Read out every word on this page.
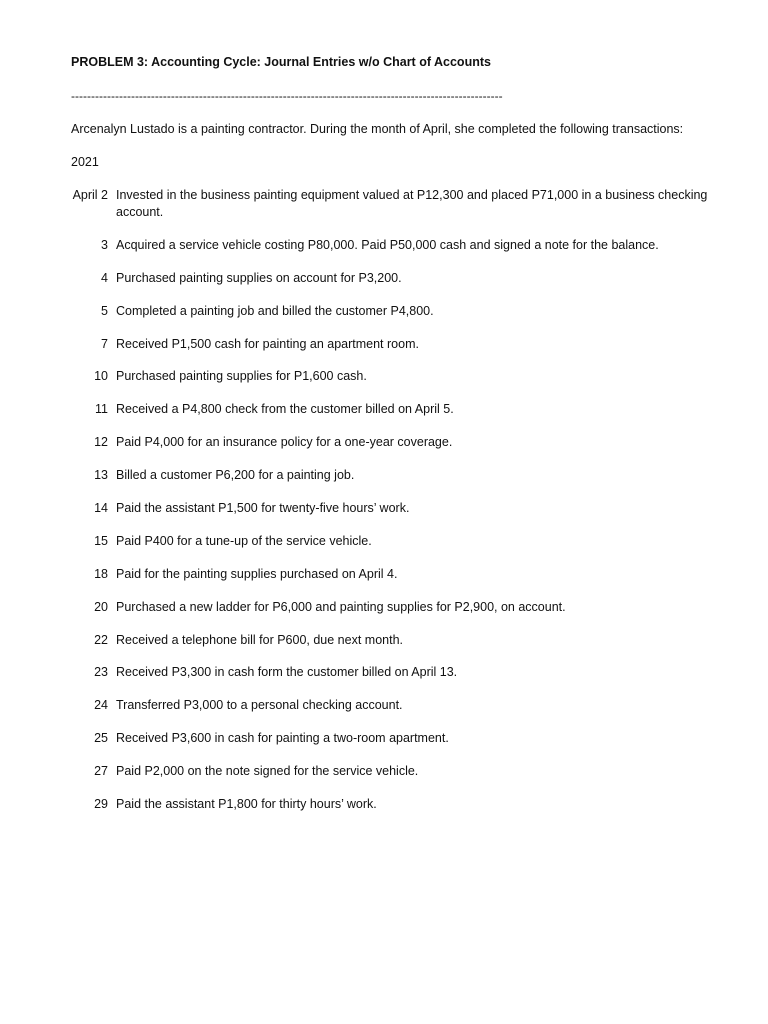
PROBLEM 3: Accounting Cycle: Journal Entries w/o Chart of Accounts
------------------------------------------------------------------------------------------------------------
Arcenalyn Lustado is a painting contractor. During the month of April, she completed the following transactions:
2021
April 2 Invested in the business painting equipment valued at P12,300 and placed P71,000 in a business checking account.
3 Acquired a service vehicle costing P80,000. Paid P50,000 cash and signed a note for the balance.
4 Purchased painting supplies on account for P3,200.
5 Completed a painting job and billed the customer P4,800.
7 Received P1,500 cash for painting an apartment room.
10 Purchased painting supplies for P1,600 cash.
11 Received a P4,800 check from the customer billed on April 5.
12 Paid P4,000 for an insurance policy for a one-year coverage.
13 Billed a customer P6,200 for a painting job.
14 Paid the assistant P1,500 for twenty-five hours’ work.
15 Paid P400 for a tune-up of the service vehicle.
18 Paid for the painting supplies purchased on April 4.
20 Purchased a new ladder for P6,000 and painting supplies for P2,900, on account.
22 Received a telephone bill for P600, due next month.
23 Received P3,300 in cash form the customer billed on April 13.
24 Transferred P3,000 to a personal checking account.
25 Received P3,600 in cash for painting a two-room apartment.
27 Paid P2,000 on the note signed for the service vehicle.
29 Paid the assistant P1,800 for thirty hours’ work.
